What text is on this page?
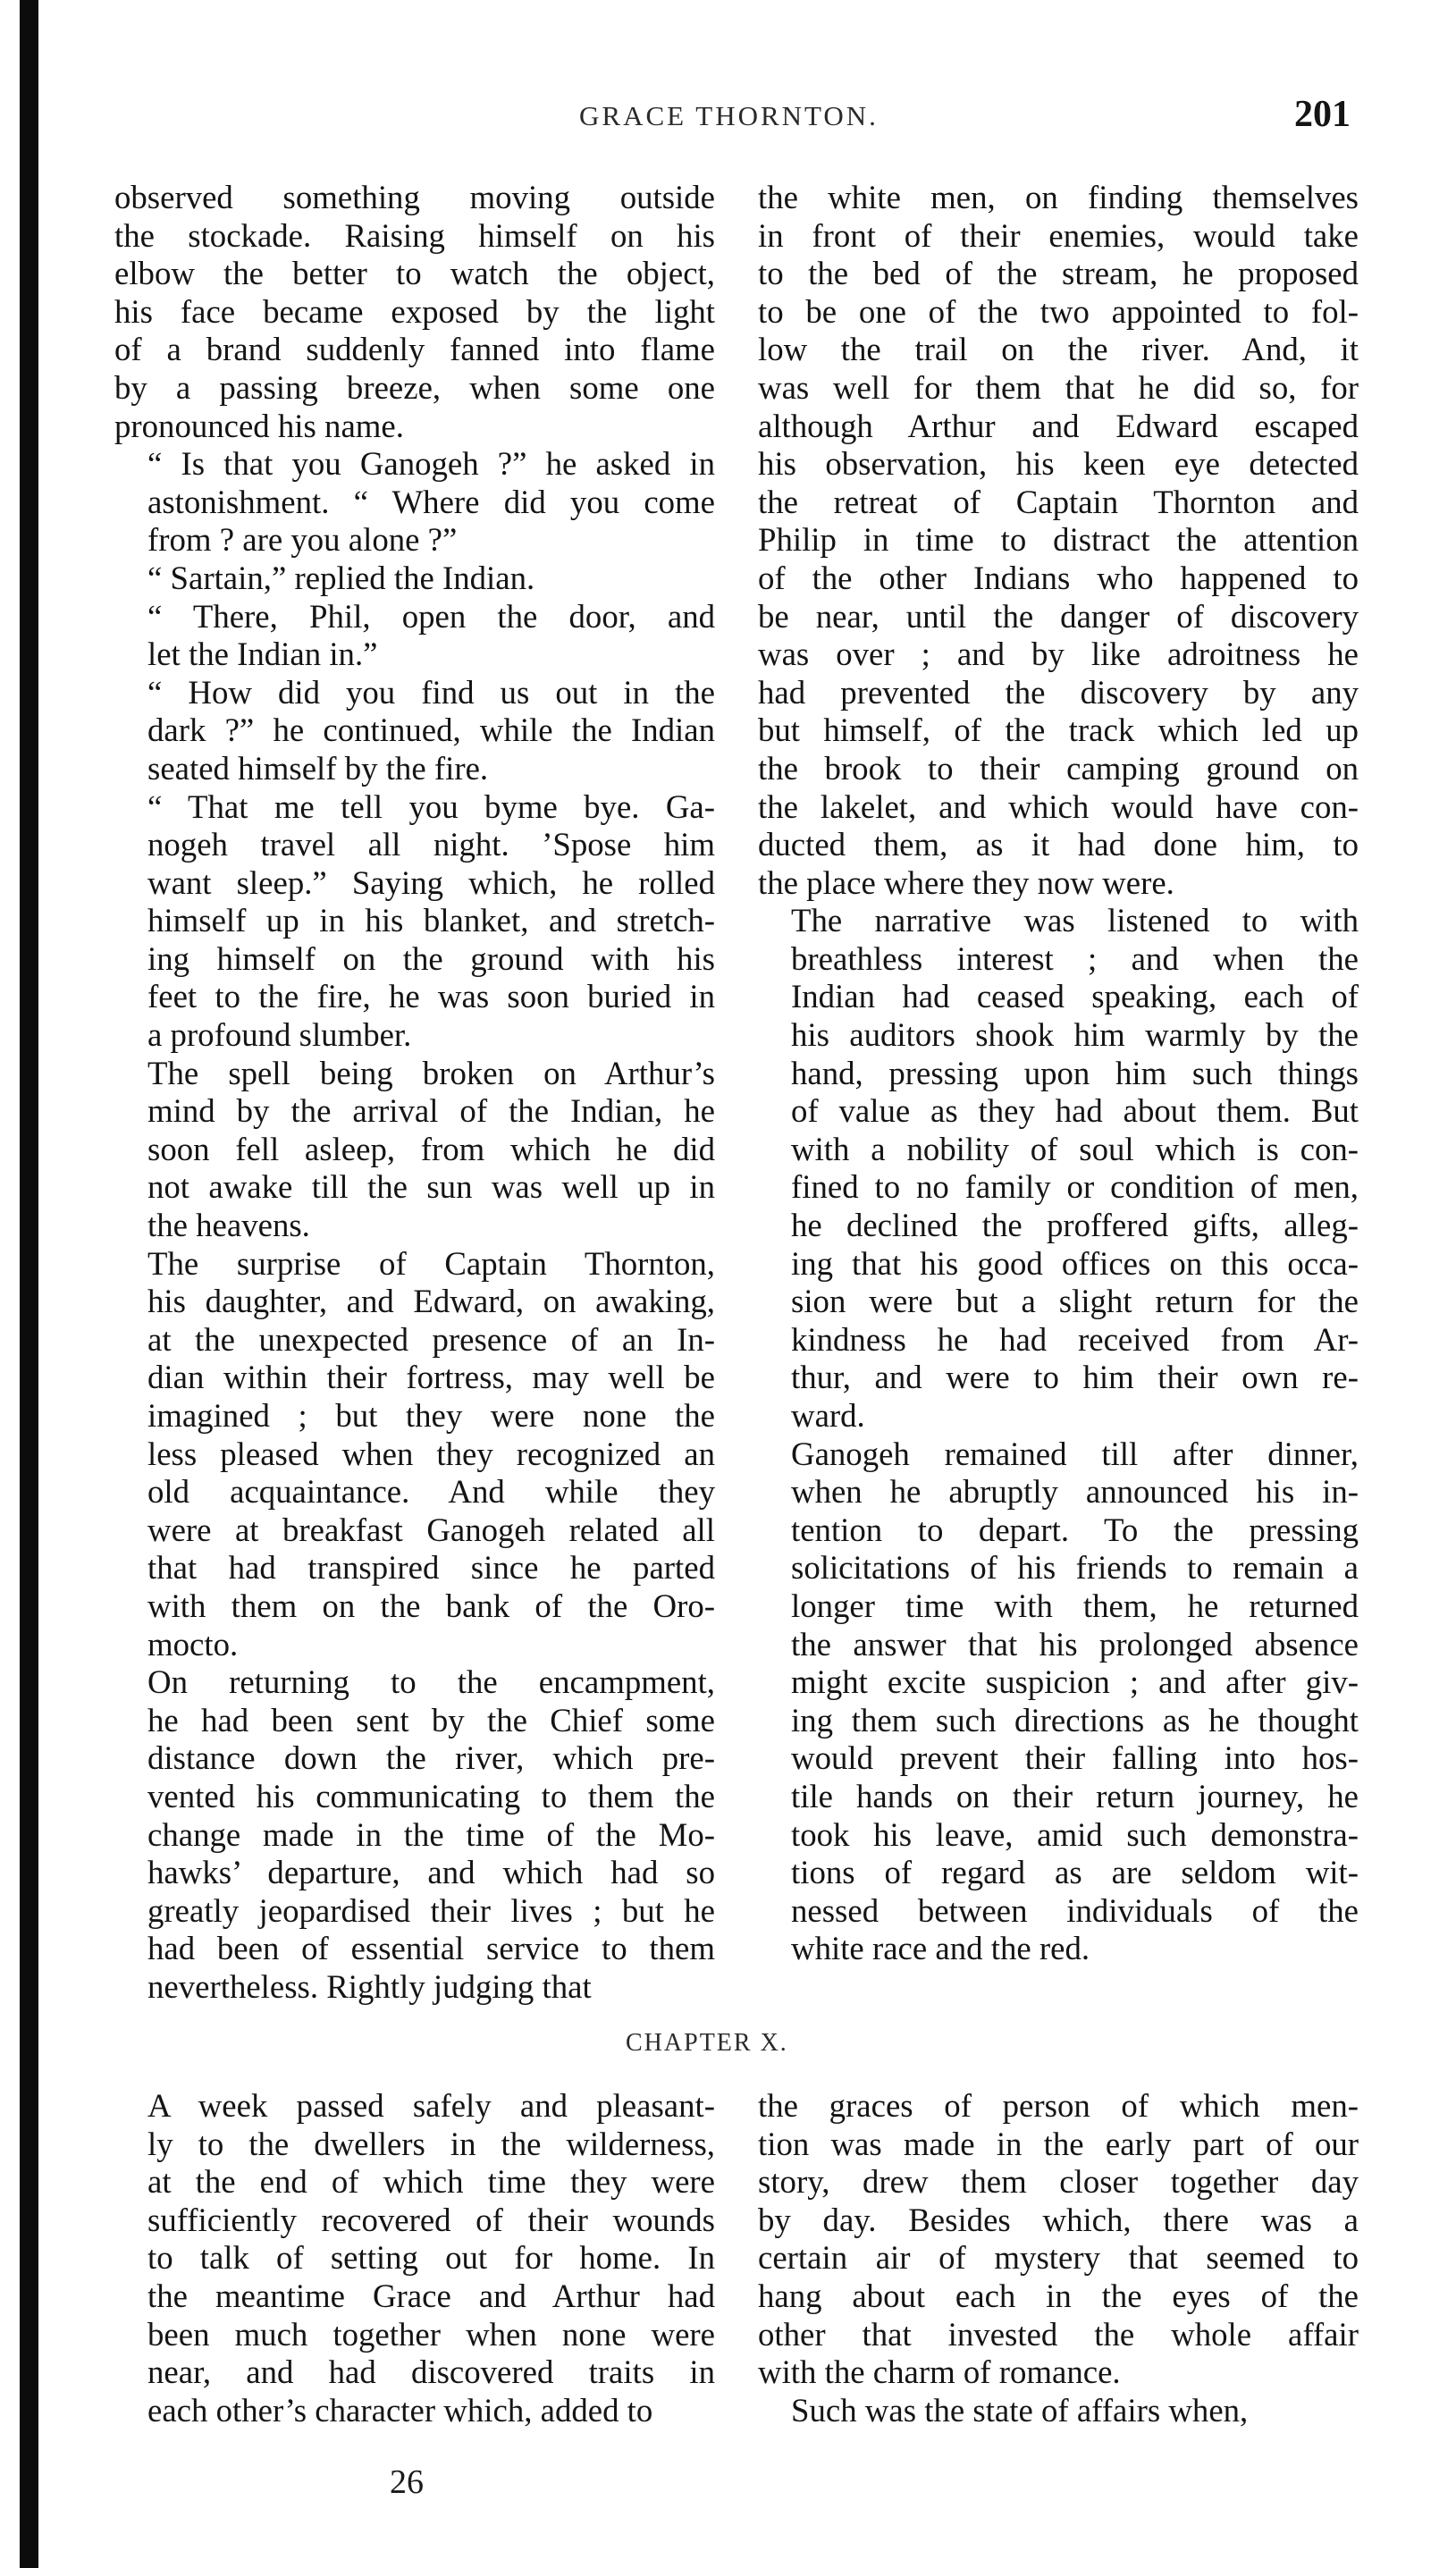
GRACE THORNTON.	201

observed something moving outside
the stockade. Raising himself on his
elbow the better to watch the object,
his face became exposed by the light
of a brand suddenly fanned into flame
by a passing breeze, when some one
pronounced his name.

“ Is that you Ganogeh ?” he asked in
astonishment. “ Where did you come
from ? are you alone ?”

“ Sartain,” replied the Indian.

“ There, Phil, open the door, and
let the Indian in.”

“ How did you find us out in the
dark ?” he continued, while the Indian
seated himself by the fire.

“ That me tell you byme bye. Ga-
nogeh travel all night. ’Spose him
want sleep.” Saying which, he rolled
himself up in his blanket, and stretch-
ing himself on the ground with his
feet to the fire, he was soon buried in
a profound slumber.

The spell being broken on Arthur’s
mind by the arrival of the Indian, he
soon fell asleep, from which he did
not awake till the sun was well up in
the heavens.

The surprise of Captain Thornton,
his daughter, and Edward, on awaking,
at the unexpected presence of an In-
dian within their fortress, may well be
imagined ; but they were none the
less pleased when they recognized an
old acquaintance. And while they
were at breakfast Ganogeh related all
that had transpired since he parted
with them on the bank of the Oro-
mocto.

On returning to the encampment,
he had been sent by the Chief some
distance down the river, which pre-
vented his communicating to them the
change made in the time of the Mo-
hawks’ departure, and which had so
greatly jeopardised their lives ; but he
had been of essential service to them
nevertheless. Rightly judging that

the white men, on finding themselves
in front of their enemies, would take
to the bed of the stream, he proposed
to be one of the two appointed to fol-
low the trail on the river. And, it
was well for them that he did so, for
although Arthur and Edward escaped
his observation, his keen eye detected
the retreat of Captain Thornton and
Philip in time to distract the attention
of the other Indians who happened to
be near, until the danger of discovery
was over ; and by like adroitness he
had prevented the discovery by any
but himself, of the track which led up
the brook to their camping ground on
the lakelet, and which would have con-
ducted them, as it had done him, to
the place where they now were.

The narrative was listened to with
breathless interest ; and when the
Indian had ceased speaking, each of
his auditors shook him warmly by the
hand, pressing upon him such things
of value as they had about them. But
with a nobility of soul which is con-
fined to no family or condition of men,
he declined the proffered gifts, alleg-
ing that his good offices on this occa-
sion were but a slight return for the
kindness he had received from Ar-
thur, and were to him their own re-
ward.

Ganogeh remained till after dinner,
when he abruptly announced his in-
tention to depart. To the pressing
solicitations of his friends to remain a
longer time with them, he returned
the answer that his prolonged absence
might excite suspicion ; and after giv-
ing them such directions as he thought
would prevent their falling into hos-
tile hands on their return journey, he
took his leave, amid such demonstra-
tions of regard as are seldom wit-
nessed between individuals of the
white race and the red.

CHAPTER X.

A week passed safely and pleasant-
ly to the dwellers in the wilderness,
at the end of which time they were
sufficiently recovered of their wounds
to talk of setting out for home. In
the meantime Grace and Arthur had
been much together when none were
near, and had discovered traits in
each other’s character which, added to

the graces of person of which men-
tion was made in the early part of our
story, drew them closer together day
by day. Besides which, there was a
certain air of mystery that seemed to
hang about each in the eyes of the
other that invested the whole affair
with the charm of romance.

Such was the state of affairs when,

26
